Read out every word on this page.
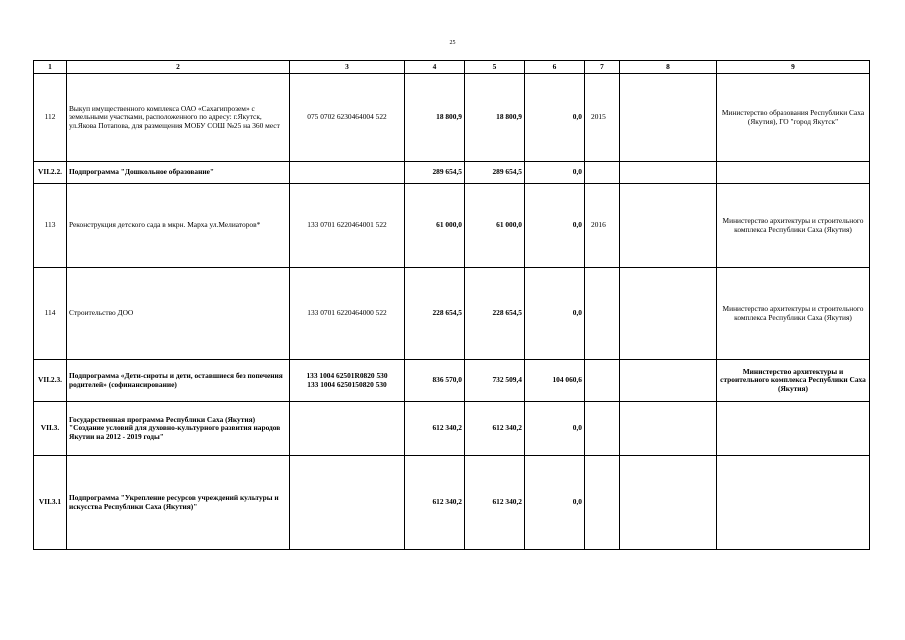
25
1	2	3	4	5	6	7	8	9
112	Выкуп имущественного комплекса ОАО «Сахагипрозем» с земельными участками, расположенного по адресу: г.Якутск, ул.Якова Потапова, для размещения МОБУ СОШ №25 на 360 мест	075 0702 6230464004 522	18 800,9	18 800,9	0,0	2015		Министерство образования Республики Саха (Якутия), ГО "город Якутск"
VII.2.2.	Подпрограмма "Дошкольное образование"		289 654,5	289 654,5	0,0			
113	Реконструкция детского сада в мкрн. Марха ул.Мелиаторов*	133 0701 6220464001 522	61 000,0	61 000,0	0,0	2016		Министерство архитектуры и строительного комплекса Республики Саха (Якутия)
114	Строительство ДОО	133 0701 6220464000 522	228 654,5	228 654,5	0,0			Министерство архитектуры и строительного комплекса Республики Саха (Якутия)
VII.2.3.	Подпрограмма «Дети-сироты и дети, оставшиеся без попечения родителей» (софинансирование)	133 1004 62501R0820 530
133 1004 6250150820 530	836 570,0	732 509,4	104 060,6			Министерство архитектуры и строительного комплекса Республики Саха (Якутия)
VII.3.	Государственная программа Республики Саха (Якутия) "Создание условий для духовно-культурного развития народов Якутии на 2012 - 2019 годы"		612 340,2	612 340,2	0,0			
VII.3.1	Подпрограмма "Укрепление ресурсов учреждений культуры и искусства Республики Саха (Якутия)"		612 340,2	612 340,2	0,0			
